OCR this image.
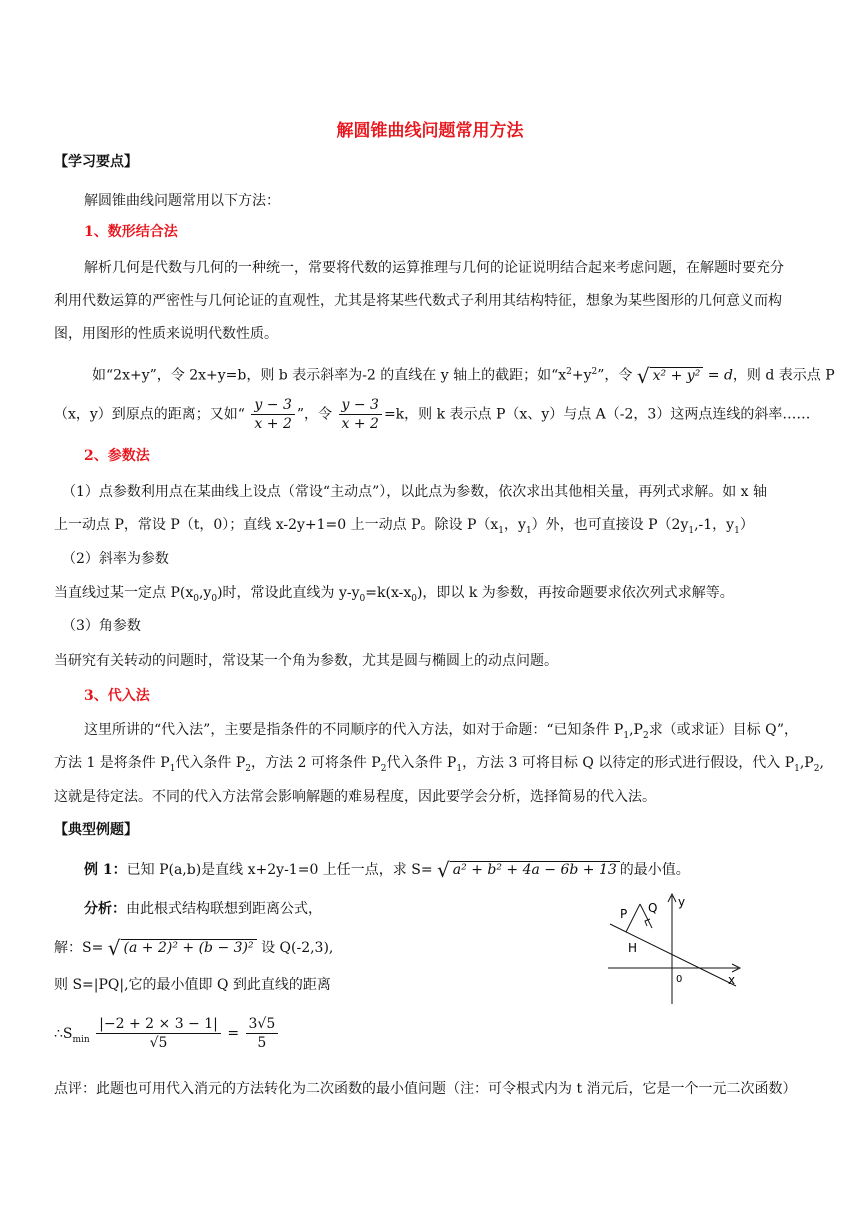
解圆锥曲线问题常用方法
【学习要点】
解圆锥曲线问题常用以下方法：
1、数形结合法
解析几何是代数与几何的一种统一，常要将代数的运算推理与几何的论证说明结合起来考虑问题，在解题时要充分
利用代数运算的严密性与几何论证的直观性，尤其是将某些代数式子利用其结构特征，想象为某些图形的几何意义而构
图，用图形的性质来说明代数性质。
如“2x+y”，令 2x+y=b，则 b 表示斜率为-2 的直线在 y 轴上的截距；如“$x^2+y^2$”，令 √ x² + y² = d，则 d 表示点 P
（x，y）到原点的距离；又如“ $\frac{y - 3}{x + 2}$ ”，令 $\frac{y - 3}{x + 2} =k$，则 k 表示点 P（x、y）与点 A（-2，3）这两点连线的斜率……
2、参数法
（1）点参数利用点在某曲线上设点（常设“主动点”），以此点为参数，依次求出其他相关量，再列式求解。如 x 轴
上一动点 P，常设 P（t，0）；直线 x-2y+1=0 上一动点 P。除设 $P(x_1$，$y_1$）外，也可直接设 $P(2y_1,-1$，$y_1$）
（2）斜率为参数
当直线过某一定点 $P(x_0,y_0)$时，常设此直线为 $y-y_0=k(x-x_0)$，即以 k 为参数，再按命题要求依次列式求解等。
（3）角参数
当研究有关转动的问题时，常设某一个角为参数，尤其是圆与椭圆上的动点问题。
3、代入法
这里所讲的“代入法”，主要是指条件的不同顺序的代入方法，如对于命题：“已知条件 $P_1,P_2$求（或求证）目标 Q”，
方法 1 是将条件 $P_1$代入条件 $P_2$，方法 2 可将条件 $P_2$代入条件 $P_1$，方法 3 可将目标 Q 以待定的形式进行假设，代入 $P_1,P_2$,
这就是待定法。不同的代入方法常会影响解题的难易程度，因此要学会分析，选择简易的代入法。
【典型例题】
例 1：已知 P(a,b)是直线 x+2y-1=0 上任一点，求 S= √ a² + b² + 4a − 6b + 13 的最小值。
分析：由此根式结构联想到距离公式，
解：S= √ (a + 2)² + (b − 3)² 设 Q(-2,3),
则 S=|PQ|,它的最小值即 Q 到此直线的距离
$\therefore S_{min} \frac{|-2 + 2 \times 3 - 1|}{√5} = \frac{3√5}{5}$
点评：此题也可用代入消元的方法转化为二次函数的最小值问题（注：可令根式内为 t 消元后，它是一个一元二次函数）
P Q
H
y
x
0
